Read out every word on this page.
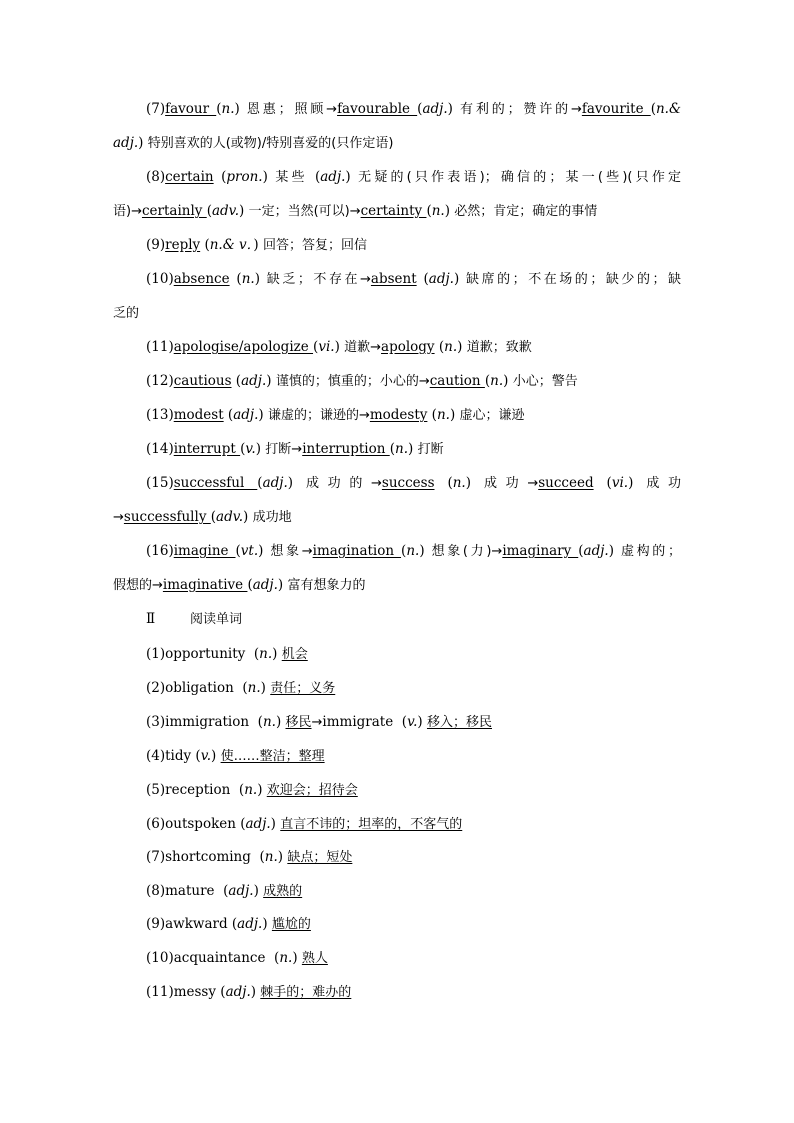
(7)favour (n.) 恩惠；照顾→favourable (adj.) 有利的；赞许的→favourite (n.&
adj.) 特别喜欢的人(或物)/特别喜爱的(只作定语)
(8)certain (pron.) 某些 (adj.) 无疑的(只作表语)；确信的；某一(些)(只作定
语)→certainly (adv.) 一定；当然(可以)→certainty (n.) 必然；肯定；确定的事情
(9)reply (n.& v．) 回答；答复；回信
(10)absence (n.) 缺乏；不存在→absent (adj.) 缺席的；不在场的；缺少的；缺
乏的
(11)apologise/apologize (vi.) 道歉→apology (n.) 道歉；致歉
(12)cautious (adj.) 谨慎的；慎重的；小心的→caution (n.) 小心；警告
(13)modest (adj.) 谦虚的；谦逊的→modesty (n.) 虚心；谦逊
(14)interrupt (v.) 打断→interruption (n.) 打断
(15)successful (adj.) 成功的→success (n.) 成功→succeed (vi.) 成功
→successfully (adv.) 成功地
(16)imagine (vt.) 想象→imagination (n.) 想象(力)→imaginary (adj.) 虚构的；
假想的→imaginative (adj.) 富有想象力的
Ⅱ	阅读单词
(1)opportunity  (n.) 机会
(2)obligation  (n.) 责任；义务
(3)immigration  (n.) 移民→immigrate  (v.) 移入；移民
(4)tidy (v.) 使……整洁；整理
(5)reception  (n.) 欢迎会；招待会
(6)outspoken (adj.) 直言不讳的；坦率的，不客气的
(7)shortcoming  (n.) 缺点；短处
(8)mature  (adj.) 成熟的
(9)awkward (adj.) 尴尬的
(10)acquaintance  (n.) 熟人
(11)messy (adj.) 棘手的；难办的
